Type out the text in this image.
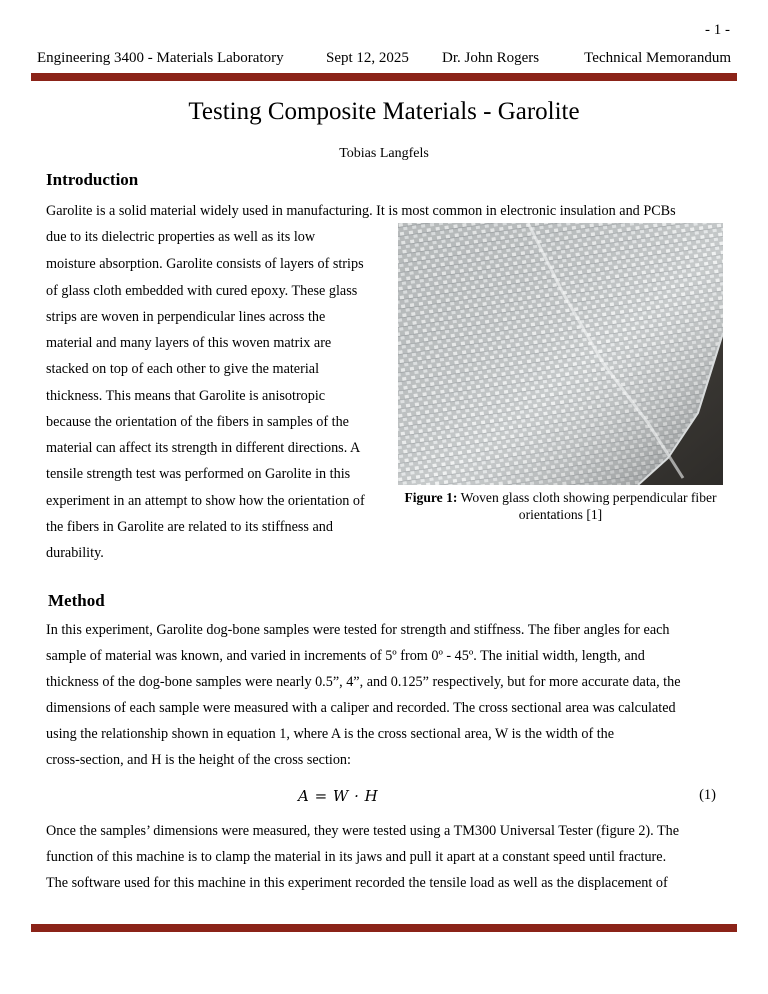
- 1 -
Engineering 3400 - Materials Laboratory	Sept 12, 2025 Dr. John Rogers	Technical Memorandum
Testing Composite Materials - Garolite
Tobias Langfels
Introduction
Garolite is a solid material widely used in manufacturing. It is most common in electronic insulation and PCBs
due to its dielectric properties as well as its low
moisture absorption. Garolite consists of layers of strips
of glass cloth embedded with cured epoxy. These glass
strips are woven in perpendicular lines across the
material and many layers of this woven matrix are
stacked on top of each other to give the material
thickness. This means that Garolite is anisotropic
because the orientation of the fibers in samples of the
material can affect its strength in different directions. A
tensile strength test was performed on Garolite in this
experiment in an attempt to show how the orientation of
the fibers in Garolite are related to its stiffness and
durability.
Figure 1: Woven glass cloth showing perpendicular fiber orientations [1]
Method
In this experiment, Garolite dog-bone samples were tested for strength and stiffness. The fiber angles for each
sample of material was known, and varied in increments of 5º from 0º - 45º. The initial width, length, and
thickness of the dog-bone samples were nearly 0.5”, 4”, and 0.125” respectively, but for more accurate data, the
dimensions of each sample were measured with a caliper and recorded. The cross sectional area was calculated
using the relationship shown in equation 1, where A is the cross sectional area, W is the width of the
cross-section, and H is the height of the cross section:
A = W · H	(1)
Once the samples’ dimensions were measured, they were tested using a TM300 Universal Tester (figure 2). The
function of this machine is to clamp the material in its jaws and pull it apart at a constant speed until fracture.
The software used for this machine in this experiment recorded the tensile load as well as the displacement of
